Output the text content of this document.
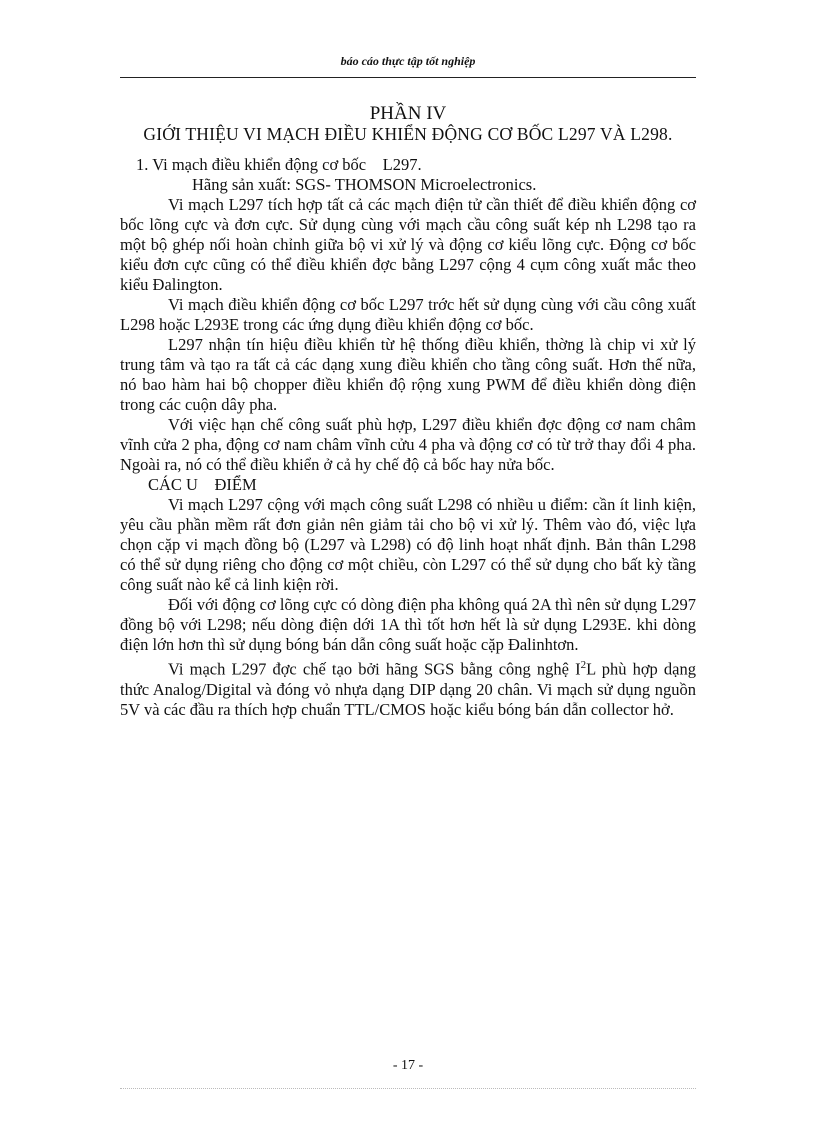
báo cáo thực tập tốt nghiệp
PHẦN IV
GIỚI THIỆU VI MẠCH ĐIỀU KHIỂN ĐỘNG CƠ BỐC L297 VÀ L298.
1. Vi mạch điều khiển động cơ bốc    L297.
Hãng sản xuất: SGS- THOMSON Microelectronics.

Vi mạch L297 tích hợp tất cả các mạch điện tử cần thiết để điều khiển động cơ bốc lõng cực và đơn cực. Sử dụng cùng với mạch cầu công suất kép nh L298 tạo ra một bộ ghép nối hoàn chỉnh giữa bộ vi xử lý và động cơ kiểu lõng cực. Động cơ bốc kiểu đơn cực cũng có thể điều khiển đợc bằng L297 cộng 4 cụm công xuất mắc theo kiểu Đalington.

Vi mạch điều khiển động cơ bốc L297 trớc hết sử dụng cùng với cầu công xuất L298 hoặc L293E trong các ứng dụng điều khiển động cơ bốc.

L297 nhận tín hiệu điều khiển từ hệ thống điều khiển, thờng là chip vi xử lý trung tâm và tạo ra tất cả các dạng xung điều khiển cho tầng công suất. Hơn thế nữa, nó bao hàm hai bộ chopper điều khiển độ rộng xung PWM để điều khiển dòng điện trong các cuộn dây pha.

Với việc hạn chế công suất phù hợp, L297 điều khiển đợc động cơ nam châm vĩnh cửa 2 pha, động cơ nam châm vĩnh cửu 4 pha và động cơ có từ trở thay đổi 4 pha. Ngoài ra, nó có thể điều khiển ở cả hy chế độ cả bốc hay nửa bốc.

CÁC U    ĐIỂM

Vi mạch L297 cộng với mạch công suất L298 có nhiều u điểm: cần ít linh kiện, yêu cầu phần mềm rất đơn giản nên giảm tải cho bộ vi xử lý. Thêm vào đó, việc lựa chọn cặp vi mạch đồng bộ (L297 và L298) có độ linh hoạt nhất định. Bản thân L298 có thể sử dụng riêng cho động cơ một chiều, còn L297 có thể sử dụng cho bất kỳ tầng công suất nào kể cả linh kiện rời.

Đối với động cơ lõng cực có dòng điện pha không quá 2A thì nên sử dụng L297 đồng bộ với L298; nếu dòng điện dới 1A thì tốt hơn hết là sử dụng L293E. khi dòng điện lớn hơn thì sử dụng bóng bán dẫn công suất hoặc cặp Đalinhtơn.

Vi mạch L297 đợc chế tạo bởi hãng SGS bằng công nghệ $I^2L$ phù hợp dạng thức Analog/Digital và đóng vỏ nhựa dạng DIP dạng 20 chân. Vi mạch sử dụng nguồn 5V và các đầu ra thích hợp chuẩn TTL/CMOS hoặc kiểu bóng bán dẫn collector hở.

- 17 -
